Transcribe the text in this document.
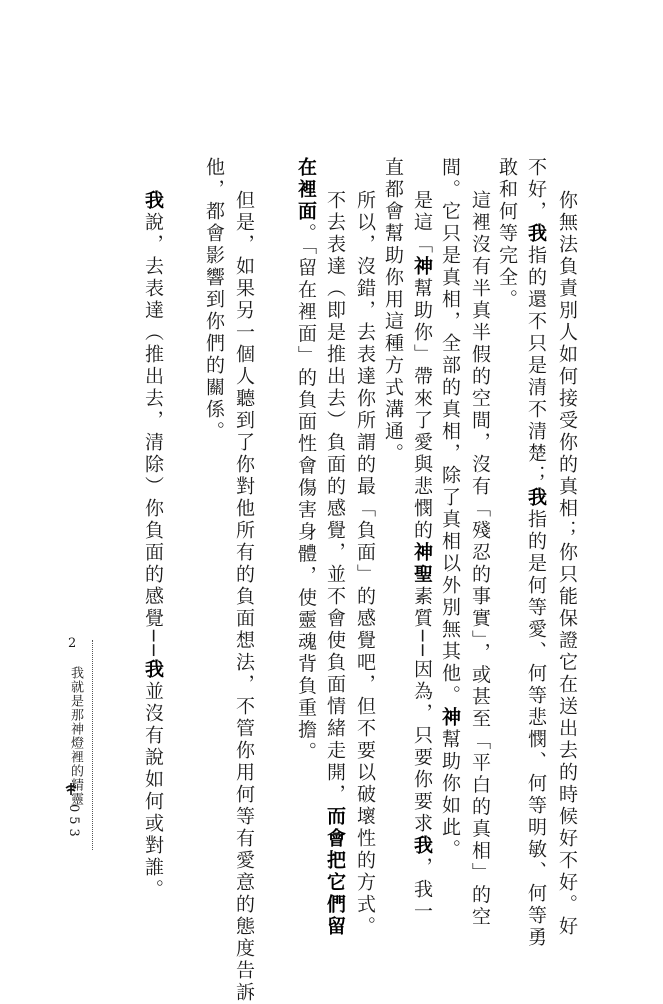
你無法負責別人如何接受你的真相；你只能保證它在送出去的時候好不好。好
不好，我指的還不只是清不清楚；我指的是何等愛、何等悲憫、何等明敏、何等勇
敢和何等完全。
這裡沒有半真半假的空間，沒有「殘忍的事實」，或甚至「平白的真相」的空
間。它只是真相，全部的真相，除了真相以外別無其他。神幫助你如此。
是這「神幫助你」帶來了愛與悲憫的神聖素質──因為，只要你要求我，我一
直都會幫助你用這種方式溝通。
所以，沒錯，去表達你所謂的最「負面」的感覺吧，但不要以破壞性的方式。
不去表達（即是推出去）負面的感覺，並不會使負面情緒走開，而會把它們留
在裡面。「留在裡面」的負面性會傷害身體，使靈魂背負重擔。
但是，如果另一個人聽到了你對他所有的負面想法，不管你用何等有愛意的態度告訴
他，都會影響到你們的關係。
我說，去表達（推出去，清除）你負面的感覺──我並沒有說如何或對誰。
2
我就是那神燈裡的精靈
053
